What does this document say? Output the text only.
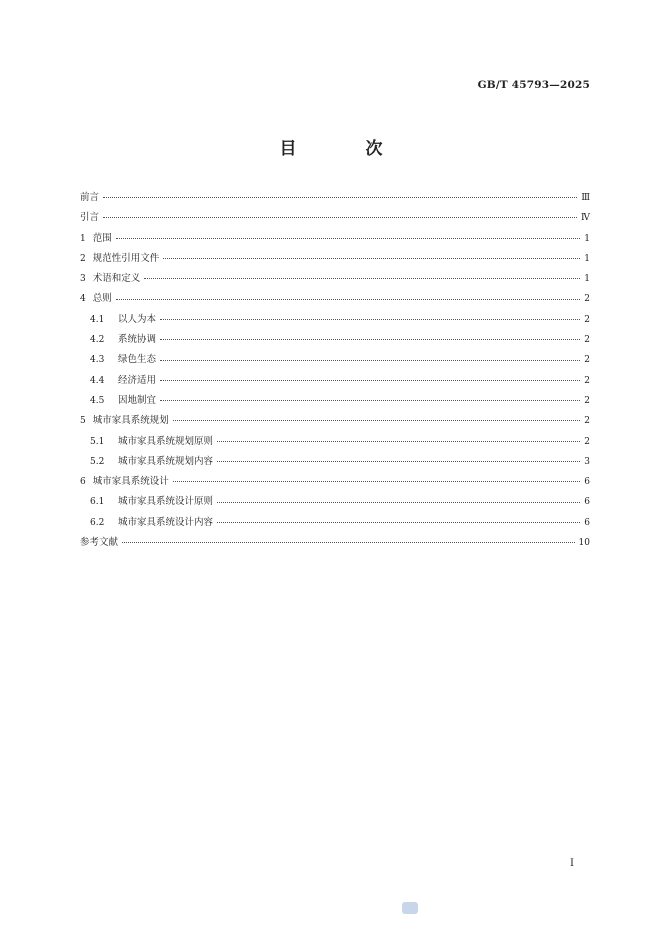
GB/T 45793—2025
目　次
前言	Ⅲ
引言	Ⅳ
1 范围	1
2 规范性引用文件	1
3 术语和定义	1
4 总则	2
4.1	以人为本	2
4.2	系统协调	2
4.3	绿色生态	2
4.4	经济适用	2
4.5	因地制宜	2
5 城市家具系统规划	2
5.1	城市家具系统规划原则	2
5.2	城市家具系统规划内容	3
6 城市家具系统设计	6
6.1	城市家具系统设计原则	6
6.2	城市家具系统设计内容	6
参考文献	10
I
